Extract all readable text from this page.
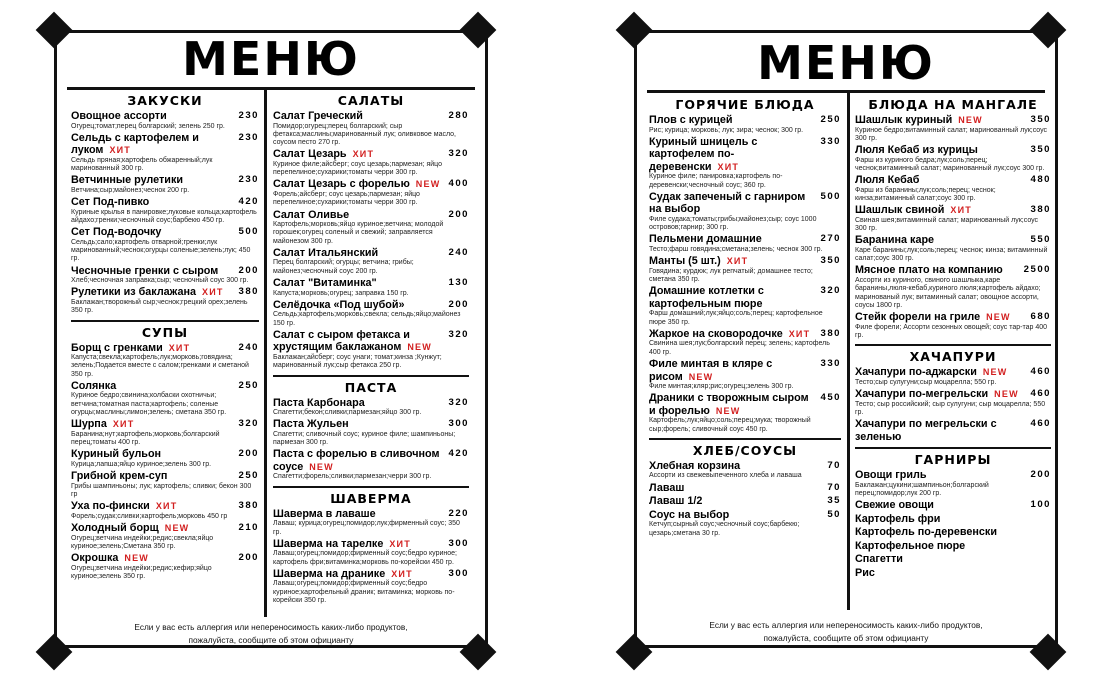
МЕНЮ
ЗАКУСКИ
Овощное ассорти	230
Огурец;томат;перец болгарский; зелень 250 гр.
Сельдь с картофелем и луком ХИТ
230
Сельдь пряная;картофель обжаренный;лук маринованный 300 гр.
Ветчинные рулетики	230
Ветчина;сыр;майонез;чеснок 200 гр.
Сет Под-пивко	420
Куриные крылья в панировке;луковые кольца;картофель айдахо;гренки;чесночный соус;барбекю 450 гр.
Сет Под-водочку	500
Сельдь;сало;картофель отварной;гренки;лук маринованный;чеснок;огурцы соленые;зелень;лук; 450 гр.
Чесночные гренки с сыром	200
Хлеб;чесночная заправка;сыр; чесночный соус 300 гр.
Рулетики из баклажана ХИТ	380
Баклажан;творожный сыр;чеснок;грецкий орех;зелень 350 гр.
СУПЫ
Борщ с гренками ХИТ	240
Капуста;свекла;картофель;лук;морковь;говядина; зелень;Подается вместе с салом;гренками и сметаной 350 гр.
Солянка	250
Куриное бедро;свинина;колбаски охотничьи; ветчина;томатная паста;картофель; соленые огурцы;маслины;лимон;зелень; сметана 350 гр.
Шурпа ХИТ	320
Баранина;нут;картофель;морковь;болгарский перец;томаты 400 гр.
Куриный бульон	200
Курица;лапша;яйцо куриное;зелень 300 гр.
Грибной крем-суп	250
Грибы шампиньоны; лук; картофель; сливки; бекон 300 гр
Уха по-фински ХИТ	380
Форель;судак;сливки;картофель;морковь 450 гр
Холодный борщ NEW	210
Огурец;ветчина индейки;редис;свекла;яйцо куриное;зелень;Сметана 350 гр.
Окрошка NEW	200
Огурец;ветчина индейки;редис;кефир;яйцо куриное;зелень 350 гр.
САЛАТЫ
Салат Греческий	280
Помидор;огурец;перец болгарский; сыр фетакса;маслины;маринованный лук; оливковое масло, соусом песто 270 гр.
Салат Цезарь ХИТ	320
Куриное филе;айсберг; соус цезарь;пармезан; яйцо перепелиное;сухарики;томаты черри 300 гр.
Салат Цезарь с форелью NEW 400
Форель;айсберг; соус цезарь;пармезан; яйцо перепелиное;сухарики;томаты черри 300 гр.
Салат Оливье	200
Картофель;морковь;яйцо куриное;ветчина; молодой горошек;огурец соленый и свежий; заправляется майонезом 300 гр.
Салат Итальянский	240
Перец болгарский; огурцы; ветчина; грибы; майонез;чесночный соус 200 гр.
Салат "Витаминка"	130
Капуста;морковь;огурец; заправка 150 гр.
Селёдочка «Под шубой»	200
Сельдь;картофель;морковь;свекла; сельдь;яйцо;майонез 150 гр.
Салат с сыром фетакса и хрустящим баклажаном NEW
320
Баклажан;айсберг; соус унаги; томат;кинза ;Кунжут; маринованный лук;сыр фетакса 250 гр.
ПАСТА
Паста Карбонара	320
Спагетти;бекон;сливки;пармезан;яйцо 300 гр.
Паста Жульен	300
Спагетти; сливочный соус; куриное филе; шампиньоны; пармезан 300 гр.
Паста с форелью в сливочном соусе NEW
420
Спагетти;форель;сливки;пармезан;черри 300 гр.
ШАВЕРМА
Шаверма в лаваше	220
Лаваш; курица;огурец;помидор;лук;фирменный соус; 350 гр.
Шаверма на тарелке ХИТ	300
Лаваш;огурец;помидор;фирменный соус;бедро куриное; картофель фри;витаминка;морковь по-корейски 450 гр.
Шаверма на дранике ХИТ	300
Лаваш;огурец;помидор;фирменный соус;бедро куриное;картофельный драник; витаминка; морковь по-корейски 350 гр.
Если у вас есть аллергия или непереносимость каких-либо продуктов,
пожалуйста, сообщите об этом официанту
МЕНЮ
ГОРЯЧИЕ БЛЮДА
Плов с курицей	250
Рис; курица; морковь; лук; зира; чеснок; 300 гр.
Куриный шницель с картофелем по-деревенски ХИТ
330
Куриное филе; панировка;картофель по-деревенски;чесночный соус; 360 гр.
Судак запеченый с гарниром на выбор
500
Филе судака;томаты;грибы;майонез;сыр; соус 1000 островов;гарнир; 300 гр.
Пельмени домашние	270
Тесто;фарш говядина;сметана;зелень; чеснок 300 гр.
Манты (5 шт.) ХИТ	350
Говядина; курдюк; лук репчатый; домашнее тесто; сметана 350 гр.
Домашние котлетки с картофельным пюре
320
Фарш домашний;лук;яйцо;соль;перец; картофельное пюре 350 гр.
Жаркое на сковородочке ХИТ	380
Свинина шея;лук;болгарский перец; зелень; картофель 400 гр.
Филе минтая в кляре с рисом NEW
330
Филе минтая;кляр;рис;огурец;зелень 300 гр.
Драники с творожным сыром и форелью NEW
450
Картофель;лук;яйцо;соль;перец;мука; творожный сыр;форель; сливочный соус 450 гр.
ХЛЕБ/СОУСЫ
Хлебная корзина	70
Ассорти из свежевыпеченного хлеба и лаваша
Лаваш	70
Лаваш 1/2	35
Соус на выбор	50
Кетчуп;сырный соус;чесночный соус;барбекю; цезарь;сметана 30 гр.
БЛЮДА НА МАНГАЛЕ
Шашлык куриный NEW	350
Куриное бедро;витаминный салат; маринованный лук;соус 300 гр.
Люля Кебаб из курицы	350
Фарш из куриного бедра;лук;соль;перец; чеснок;витаминный салат; маринованный лук;соус 300 гр.
Люля Кебаб	480
Фарш из баранины;лук;соль;перец; чеснок; кинза;витаминный салат;соус 300 гр.
Шашлык свиной ХИТ	380
Свиная шея;витаминный салат; маринованный лук;соус 300 гр.
Баранина каре	550
Каре баранины;лук;соль;перец; чеснок; кинза; витаминный салат;соус 300 гр.
Мясное плато на компанию	2500
Ассорти из куриного, свиного шашлыка,каре баранины,люля-кебаб,куриного люля;картофель айдахо; маринованый лук; витаминный салат; овощное ассорти, соусы 1800 гр.
Стейк форели на гриле NEW	680
Филе форели; Ассорти сезонных овощей; соус тар-тар 400 гр.
ХАЧАПУРИ
Хачапури по-аджарски NEW	460
Тесто;сыр сулугуни;сыр моцарелла; 550 гр.
Хачапури по-мегрельски NEW	460
Тесто; сыр российский; сыр сулугуни; сыр моцарелла; 550 гр.
Хачапури по мегрельски с зеленью
460
ГАРНИРЫ
Овощи гриль	200
Баклажан;цукини;шампиньон;болгарский перец;помидор;лук 200 гр.
Свежие овощи	100
Картофель фри
Картофель по-деревенски
Картофельное пюре
Спагетти
Рис
Если у вас есть аллергия или непереносимость каких-либо продуктов,
пожалуйста, сообщите об этом официанту
